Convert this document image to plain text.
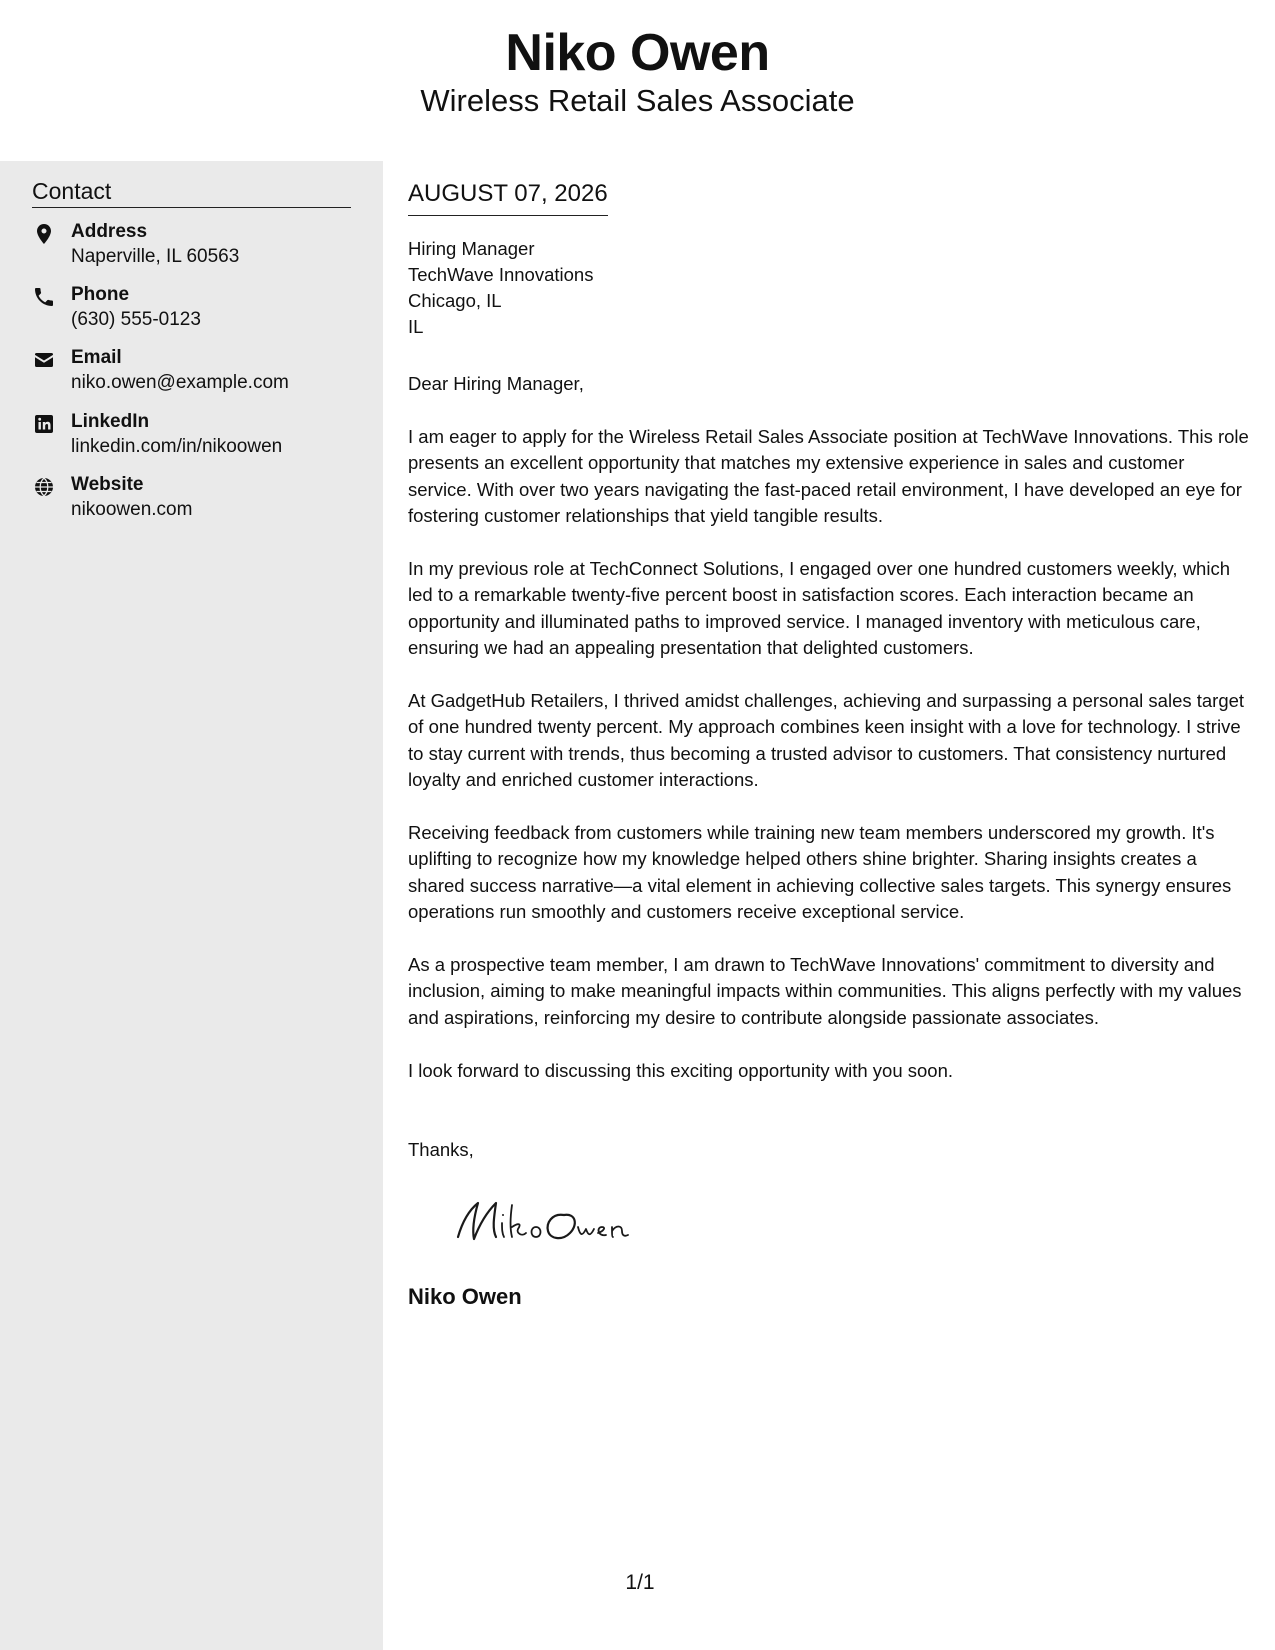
Niko Owen
Wireless Retail Sales Associate
Contact
Address
Naperville, IL 60563
Phone
(630) 555-0123
Email
niko.owen@example.com
LinkedIn
linkedin.com/in/nikoowen
Website
nikoowen.com
AUGUST 07, 2026
Hiring Manager
TechWave Innovations
Chicago, IL
IL
Dear Hiring Manager,
I am eager to apply for the Wireless Retail Sales Associate position at TechWave Innovations. This role presents an excellent opportunity that matches my extensive experience in sales and customer service. With over two years navigating the fast-paced retail environment, I have developed an eye for fostering customer relationships that yield tangible results.
In my previous role at TechConnect Solutions, I engaged over one hundred customers weekly, which led to a remarkable twenty-five percent boost in satisfaction scores. Each interaction became an opportunity and illuminated paths to improved service. I managed inventory with meticulous care, ensuring we had an appealing presentation that delighted customers.
At GadgetHub Retailers, I thrived amidst challenges, achieving and surpassing a personal sales target of one hundred twenty percent. My approach combines keen insight with a love for technology. I strive to stay current with trends, thus becoming a trusted advisor to customers. That consistency nurtured loyalty and enriched customer interactions.
Receiving feedback from customers while training new team members underscored my growth. It's uplifting to recognize how my knowledge helped others shine brighter. Sharing insights creates a shared success narrative—a vital element in achieving collective sales targets. This synergy ensures operations run smoothly and customers receive exceptional service.
As a prospective team member, I am drawn to TechWave Innovations' commitment to diversity and inclusion, aiming to make meaningful impacts within communities. This aligns perfectly with my values and aspirations, reinforcing my desire to contribute alongside passionate associates.
I look forward to discussing this exciting opportunity with you soon.
Thanks,
Niko Owen
1/1
